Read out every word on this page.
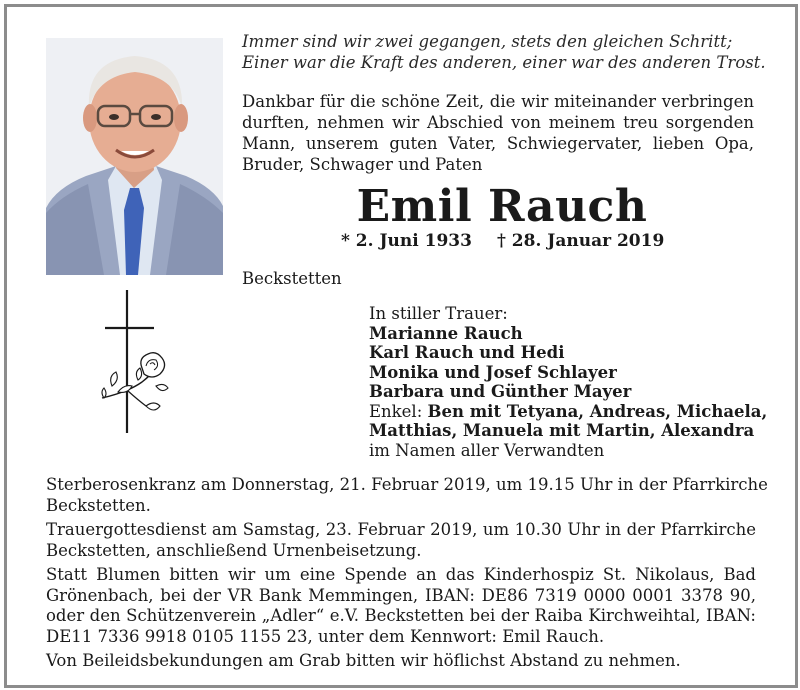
Immer sind wir zwei gegangen, stets den gleichen Schritt;
Einer war die Kraft des anderen, einer war des anderen Trost.
Dankbar für die schöne Zeit, die wir miteinander verbringen
durften, nehmen wir Abschied von meinem treu sorgenden
Mann, unserem guten Vater, Schwiegervater, lieben Opa,
Bruder, Schwager und Paten
Emil Rauch
* 2. Juni 1933 † 28. Januar 2019
Beckstetten
In stiller Trauer:
Marianne Rauch
Karl Rauch und Hedi
Monika und Josef Schlayer
Barbara und Günther Mayer
Enkel: Ben mit Tetyana, Andreas, Michaela,
Matthias, Manuela mit Martin, Alexandra
im Namen aller Verwandten

Sterberosenkranz am Donnerstag, 21. Februar 2019, um 19.15 Uhr in der Pfarrkirche
Beckstetten.

Trauergottesdienst am Samstag, 23. Februar 2019, um 10.30 Uhr in der Pfarrkirche
Beckstetten, anschließend Urnenbeisetzung.

Statt Blumen bitten wir um eine Spende an das Kinderhospiz St. Nikolaus, Bad
Grönenbach, bei der VR Bank Memmingen, IBAN: DE86 7319 0000 0001 3378 90,
oder den Schützenverein „Adler“ e.V. Beckstetten bei der Raiba Kirchweihtal, IBAN:
DE11 7336 9918 0105 1155 23, unter dem Kennwort: Emil Rauch.

Von Beileidsbekundungen am Grab bitten wir höflichst Abstand zu nehmen.
